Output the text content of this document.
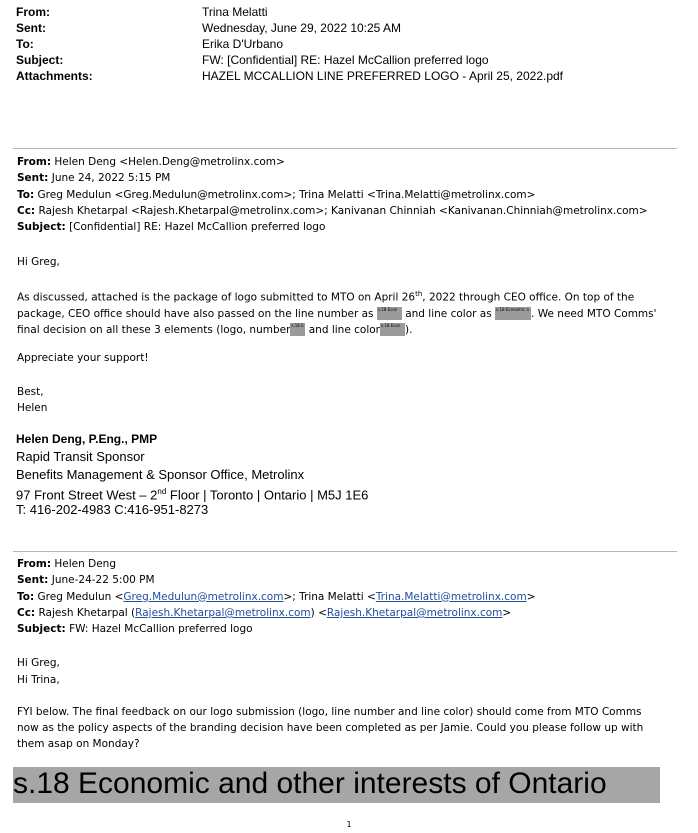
From:	Trina Melatti
Sent:	Wednesday, June 29, 2022 10:25 AM
To:	Erika D'Urbano
Subject:	FW: [Confidential] RE: Hazel McCallion preferred logo
Attachments:	HAZEL MCCALLION LINE PREFERRED LOGO - April 25, 2022.pdf
From: Helen Deng <Helen.Deng@metrolinx.com>
Sent: June 24, 2022 5:15 PM
To: Greg Medulun <Greg.Medulun@metrolinx.com>; Trina Melatti <Trina.Melatti@metrolinx.com>
Cc: Rajesh Khetarpal <Rajesh.Khetarpal@metrolinx.com>; Kanivanan Chinniah <Kanivanan.Chinniah@metrolinx.com>
Subject: [Confidential] RE: Hazel McCallion preferred logo
Hi Greg,
As discussed, attached is the package of logo submitted to MTO on April 26th, 2022 through CEO office. On top of the
package, CEO office should have also passed on the line number as s.18 Econ and line color as s.18 Economic a . We need MTO Comms'
final decision on all these 3 elements (logo, number s.18 E and line color s.18 Econ ).
Appreciate your support!
Best,
Helen
Helen Deng, P.Eng., PMP
Rapid Transit Sponsor
Benefits Management & Sponsor Office, Metrolinx
97 Front Street West – 2nd Floor | Toronto | Ontario | M5J 1E6
T: 416-202-4983 C:416-951-8273
From: Helen Deng
Sent: June-24-22 5:00 PM
To: Greg Medulun <Greg.Medulun@metrolinx.com>; Trina Melatti <Trina.Melatti@metrolinx.com>
Cc: Rajesh Khetarpal (Rajesh.Khetarpal@metrolinx.com) <Rajesh.Khetarpal@metrolinx.com>
Subject: FW: Hazel McCallion preferred logo
Hi Greg,
Hi Trina,
FYI below. The final feedback on our logo submission (logo, line number and line color) should come from MTO Comms
now as the policy aspects of the branding decision have been completed as per Jamie. Could you please follow up with
them asap on Monday?
s.18 Economic and other interests of Ontario
1
